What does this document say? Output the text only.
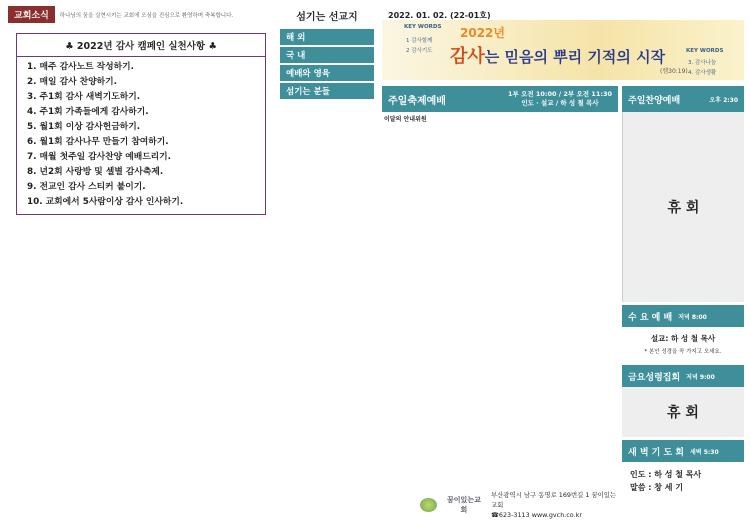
교회소식	하나님의 꿈을 실현시키는 교회에 오심을 진심으로 환영하며 축복합니다.
♣ 2022년 감사 캠페인 실천사항 ♣
1. 매주 감사노트 작성하기.
2. 매일 감사 찬양하기.
3. 주1회 감사 새벽기도하기.
4. 주1회 가족들에게 감사하기.
5. 월1회 이상 감사헌금하기.
6. 월1회 감사나무 만들기 참여하기.
7. 매월 첫주일 감사찬양 예배드리기.
8. 년2회 사랑방 및 셀별 감사축제.
9. 전교인 감사 스티커 붙이기.
10. 교회에서 5사람이상 감사 인사하기.
섬기는 선교지
해 외
국 내
예배와 영육
섬기는 분들
2022. 01. 02. (22-01호)
KEY WORDS
1 감사할께
2 감사기도
2022년
감사는 믿음의 뿌리 기적의 시작
(렘30:19)
KEY WORDS
3. 감사나눔
4. 감사생활
주일축제예배
1부 오전 10:00 / 2부 오전 11:30
인도 · 설교 / 하 성 철 목사
이달의 안내위원
주일찬양예배	오후 2:30
휴 회
수 요 예 배 저녁 8:00
설교: 하 성 철 목사
* 본인 성경을 꼭 가지고 오세요.
금요성령집회 저녁 9:00
휴 회
새 벽 기 도 회 새벽 5:30
인도 : 하 성 철 목사
말씀 : 창 세 기
꿈이있는교회
부산광역시 남구 동명로 169번길 1 꿈이있는교회
☎623-3113 www.gvch.co.kr
